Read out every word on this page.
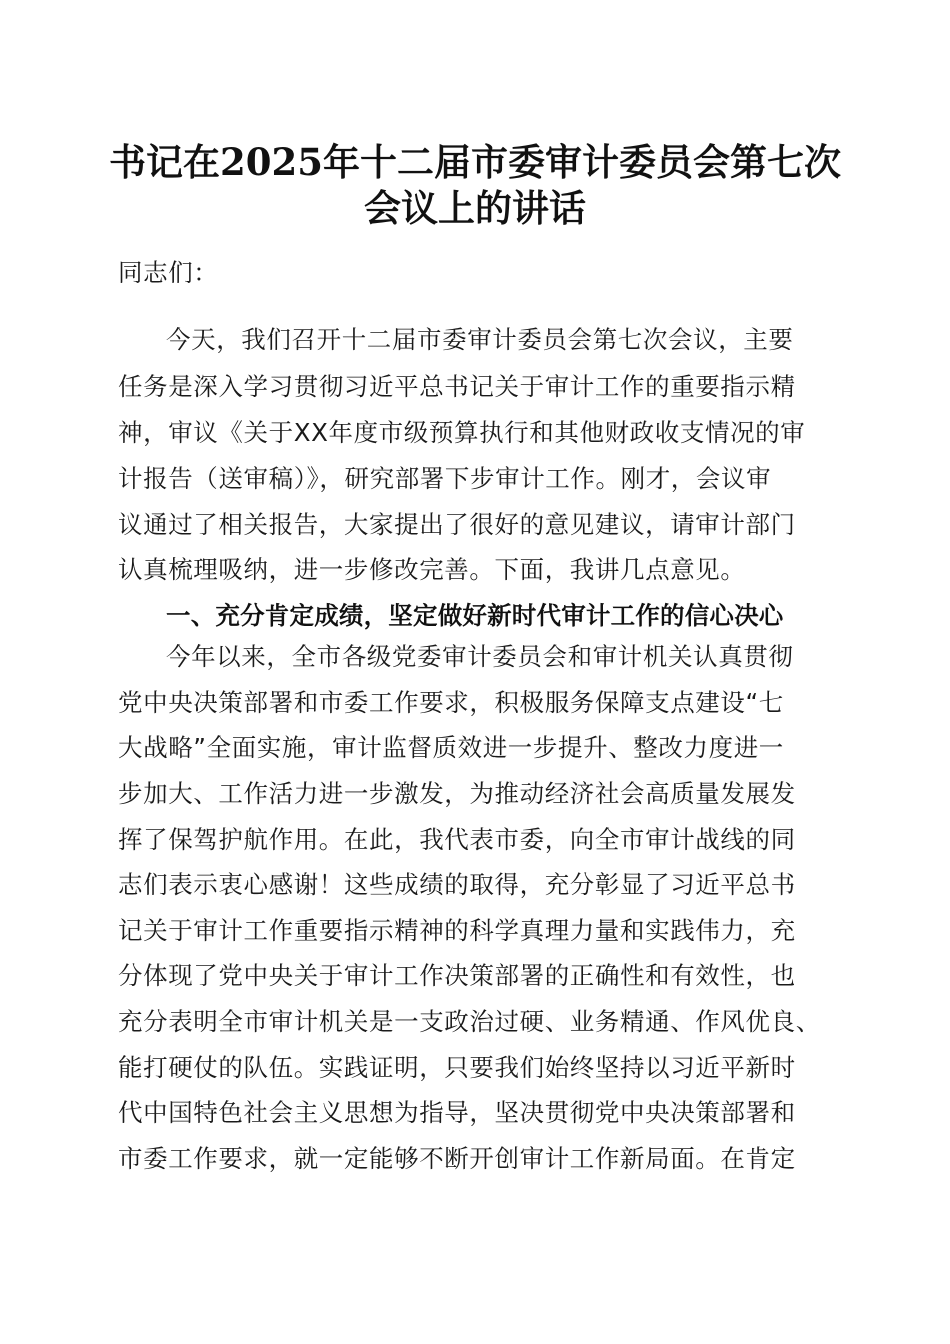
书记在2025年十二届市委审计委员会第七次
会议上的讲话
同志们：
今天，我们召开十二届市委审计委员会第七次会议，主要
任务是深入学习贯彻习近平总书记关于审计工作的重要指示精
神，审议《关于XX年度市级预算执行和其他财政收支情况的审
计报告（送审稿）》，研究部署下步审计工作。刚才，会议审
议通过了相关报告，大家提出了很好的意见建议，请审计部门
认真梳理吸纳，进一步修改完善。下面，我讲几点意见。
一、充分肯定成绩，坚定做好新时代审计工作的信心决心
今年以来，全市各级党委审计委员会和审计机关认真贯彻
党中央决策部署和市委工作要求，积极服务保障支点建设“七
大战略”全面实施，审计监督质效进一步提升、整改力度进一
步加大、工作活力进一步激发，为推动经济社会高质量发展发
挥了保驾护航作用。在此，我代表市委，向全市审计战线的同
志们表示衷心感谢！这些成绩的取得，充分彰显了习近平总书
记关于审计工作重要指示精神的科学真理力量和实践伟力，充
分体现了党中央关于审计工作决策部署的正确性和有效性，也
充分表明全市审计机关是一支政治过硬、业务精通、作风优良、
能打硬仗的队伍。实践证明，只要我们始终坚持以习近平新时
代中国特色社会主义思想为指导，坚决贯彻党中央决策部署和
市委工作要求，就一定能够不断开创审计工作新局面。在肯定
